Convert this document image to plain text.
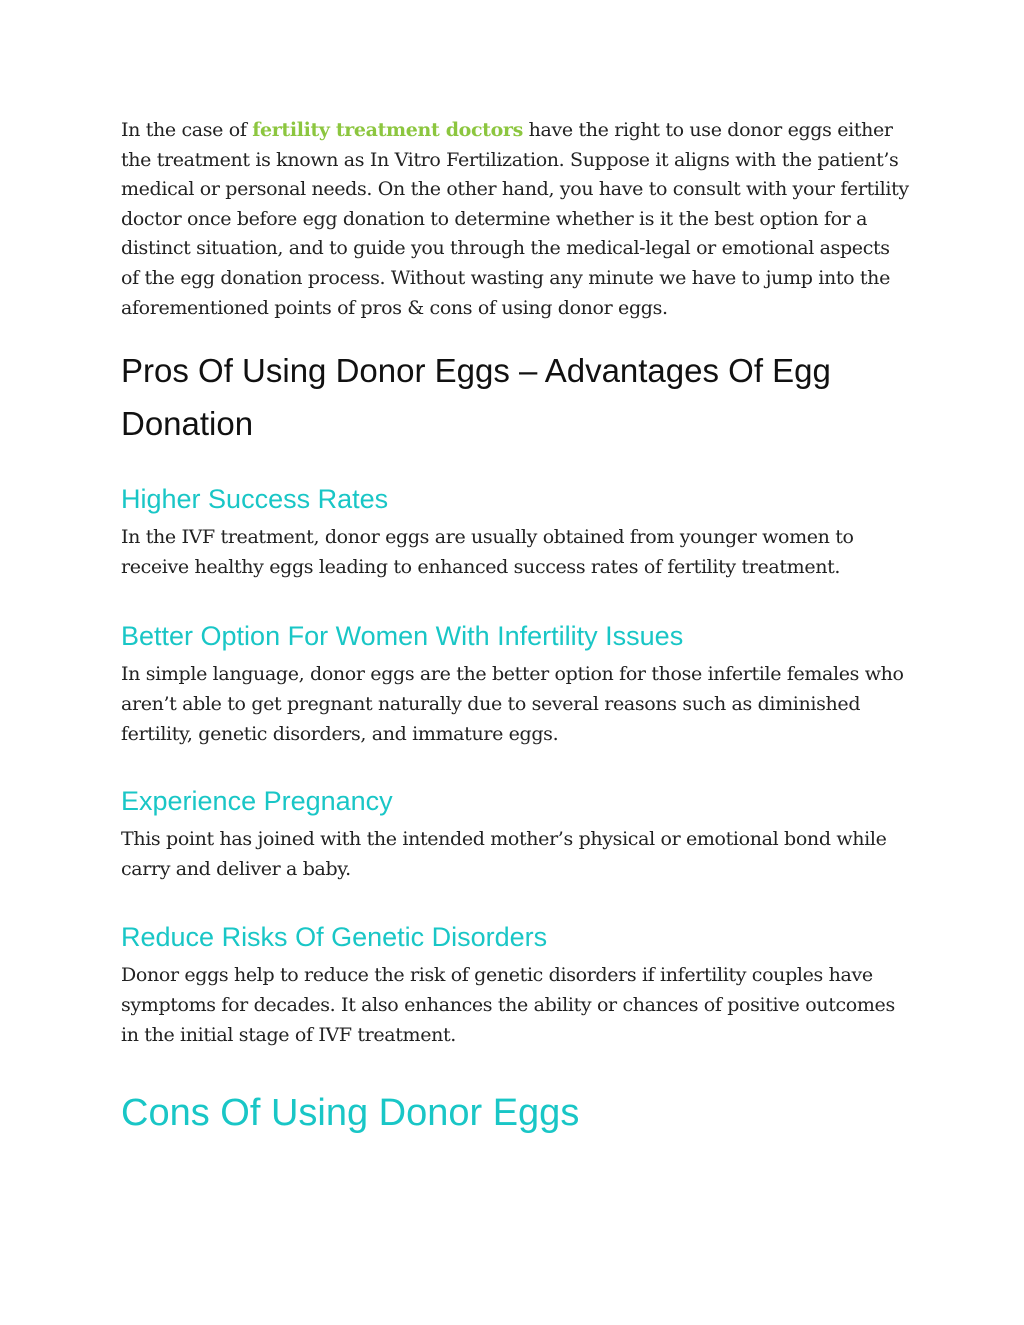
In the case of fertility treatment doctors have the right to use donor eggs either the treatment is known as In Vitro Fertilization. Suppose it aligns with the patient’s medical or personal needs. On the other hand, you have to consult with your fertility doctor once before egg donation to determine whether is it the best option for a distinct situation, and to guide you through the medical-legal or emotional aspects of the egg donation process. Without wasting any minute we have to jump into the aforementioned points of pros & cons of using donor eggs.

Pros Of Using Donor Eggs – Advantages Of Egg Donation
Higher Success Rates

In the IVF treatment, donor eggs are usually obtained from younger women to receive healthy eggs leading to enhanced success rates of fertility treatment.

Better Option For Women With Infertility Issues

In simple language, donor eggs are the better option for those infertile females who aren’t able to get pregnant naturally due to several reasons such as diminished fertility, genetic disorders, and immature eggs.

Experience Pregnancy

This point has joined with the intended mother’s physical or emotional bond while carry and deliver a baby.

Reduce Risks Of Genetic Disorders

Donor eggs help to reduce the risk of genetic disorders if infertility couples have symptoms for decades. It also enhances the ability or chances of positive outcomes in the initial stage of IVF treatment.

Cons Of Using Donor Eggs
